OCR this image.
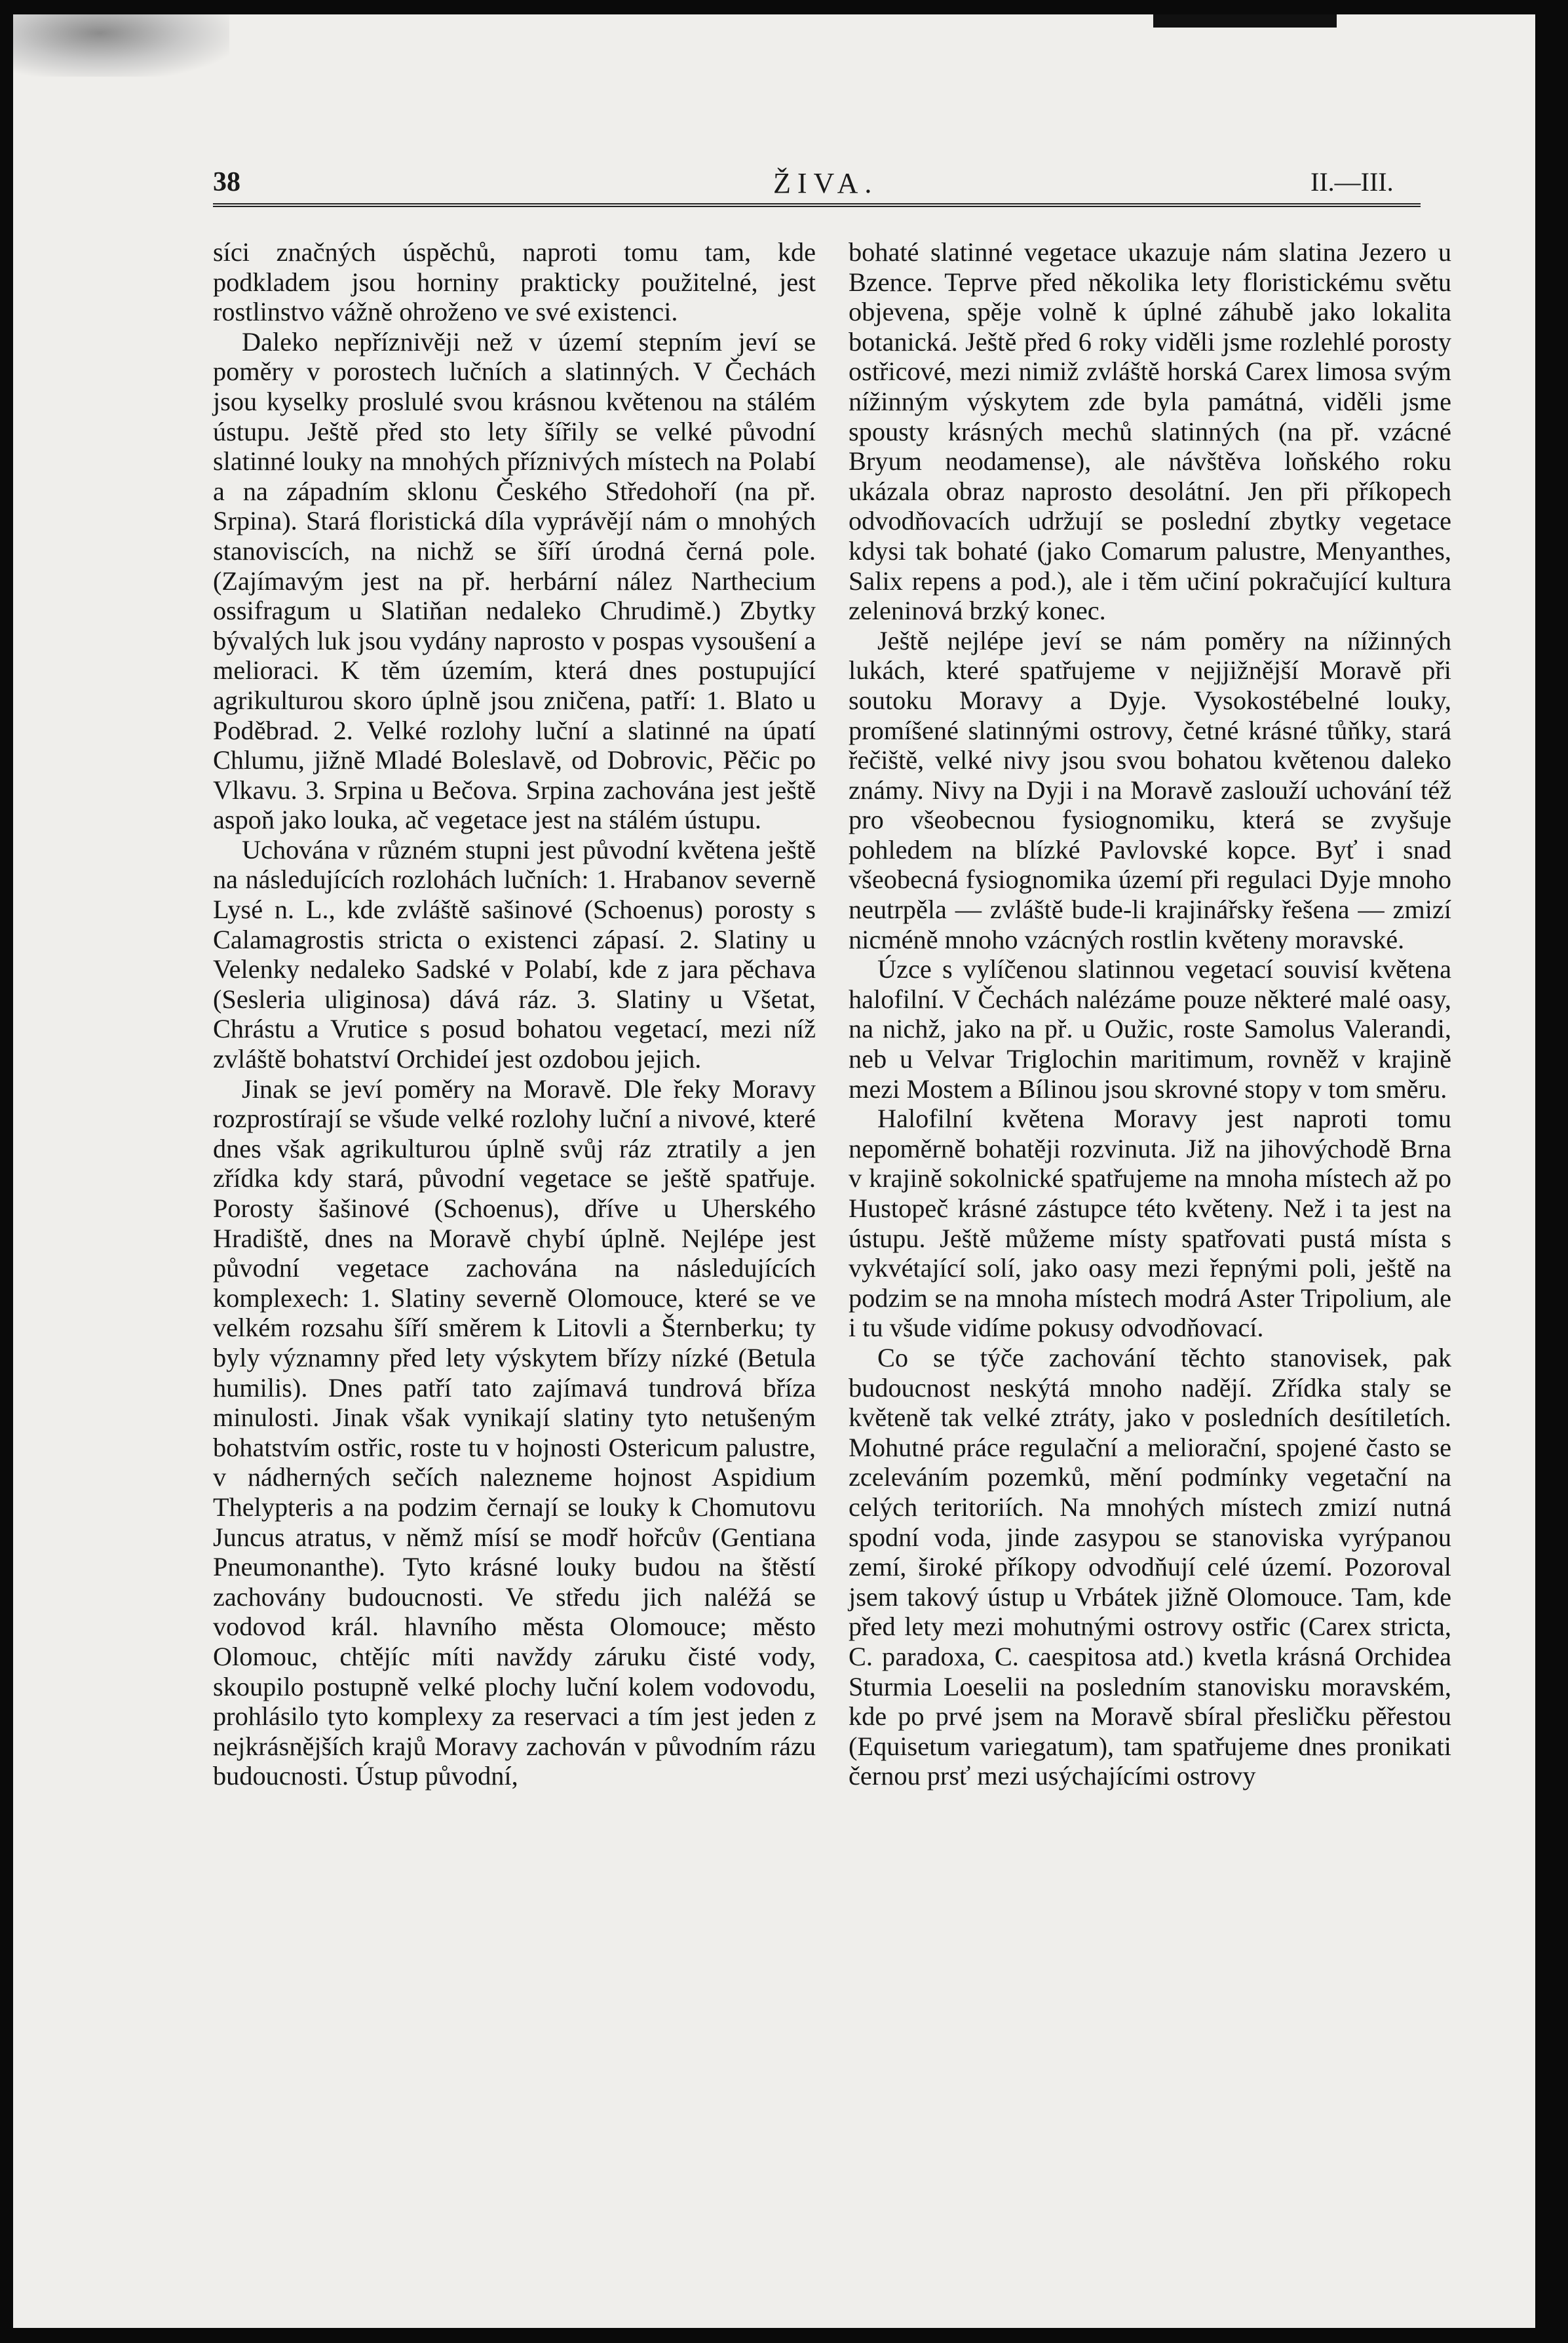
38	ŽIVA.	II.—III.

síci značných úspěchů, naproti tomu tam, kde podkladem jsou horniny prakticky použitelné, jest rostlinstvo vážně ohroženo ve své existenci.

Daleko nepříznivěji než v území stepním jeví se poměry v porostech lučních a slatinných. V Čechách jsou kyselky proslulé svou krásnou květenou na stálém ústupu. Ještě před sto lety šířily se velké původní slatinné louky na mnohých příznivých místech na Polabí a na západním sklonu Českého Středohoří (na př. Srpina). Stará floristická díla vyprávějí nám o mnohých stanoviscích, na nichž se šíří úrodná černá pole. (Zajímavým jest na př. herbární nález Narthecium ossifragum u Slatiňan nedaleko Chrudimě.) Zbytky bývalých luk jsou vydány naprosto v pospas vysoušení a melioraci. K těm územím, která dnes postupující agrikulturou skoro úplně jsou zničena, patří: 1. Blato u Poděbrad. 2. Velké rozlohy luční a slatinné na úpatí Chlumu, jižně Mladé Boleslavě, od Dobrovic, Pěčic po Vlkavu. 3. Srpina u Bečova. Srpina zachována jest ještě aspoň jako louka, ač vegetace jest na stálém ústupu.

Uchována v různém stupni jest původní květena ještě na následujících rozlohách lučních: 1. Hrabanov severně Lysé n. L., kde zvláště sašinové (Schoenus) porosty s Calamagrostis stricta o existenci zápasí. 2. Slatiny u Velenky nedaleko Sadské v Polabí, kde z jara pěchava (Sesleria uliginosa) dává ráz. 3. Slatiny u Všetat, Chrástu a Vrutice s posud bohatou vegetací, mezi níž zvláště bohatství Orchideí jest ozdobou jejich.

Jinak se jeví poměry na Moravě. Dle řeky Moravy rozprostírají se všude velké rozlohy luční a nivové, které dnes však agrikulturou úplně svůj ráz ztratily a jen zřídka kdy stará, původní vegetace se ještě spatřuje. Porosty šašinové (Schoenus), dříve u Uherského Hradiště, dnes na Moravě chybí úplně. Nejlépe jest původní vegetace zachována na následujících komplexech: 1. Slatiny severně Olomouce, které se ve velkém rozsahu šíří směrem k Litovli a Šternberku; ty byly významny před lety výskytem břízy nízké (Betula humilis). Dnes patří tato zajímavá tundrová bříza minulosti. Jinak však vynikají slatiny tyto netušeným bohatstvím ostřic, roste tu v hojnosti Ostericum palustre, v nádherných sečích nalezneme hojnost Aspidium Thelypteris a na podzim černají se louky k Chomutovu Juncus atratus, v němž mísí se modř hořcův (Gentiana Pneumonanthe). Tyto krásné louky budou na štěstí zachovány budoucnosti. Ve středu jich naléžá se vodovod král. hlavního města Olomouce; město Olomouc, chtějíc míti navždy záruku čisté vody, skoupilo postupně velké plochy luční kolem vodovodu, prohlásilo tyto komplexy za reservaci a tím jest jeden z nejkrásnějších krajů Moravy zachován v původním rázu budoucnosti. Ústup původní,

bohaté slatinné vegetace ukazuje nám slatina Jezero u Bzence. Teprve před několika lety floristickému světu objevena, spěje volně k úplné záhubě jako lokalita botanická. Ještě před 6 roky viděli jsme rozlehlé porosty ostřicové, mezi nimiž zvláště horská Carex limosa svým nížinným výskytem zde byla památná, viděli jsme spousty krásných mechů slatinných (na př. vzácné Bryum neodamense), ale návštěva loňského roku ukázala obraz naprosto desolátní. Jen při příkopech odvodňovacích udržují se poslední zbytky vegetace kdysi tak bohaté (jako Comarum palustre, Menyanthes, Salix repens a pod.), ale i těm učiní pokračující kultura zeleninová brzký konec.

Ještě nejlépe jeví se nám poměry na nížinných lukách, které spatřujeme v nejjižnější Moravě při soutoku Moravy a Dyje. Vysokostébelné louky, promíšené slatinnými ostrovy, četné krásné tůňky, stará řečiště, velké nivy jsou svou bohatou květenou daleko známy. Nivy na Dyji i na Moravě zaslouží uchování též pro všeobecnou fysiognomiku, která se zvyšuje pohledem na blízké Pavlovské kopce. Byť i snad všeobecná fysiognomika území při regulaci Dyje mnoho neutrpěla — zvláště bude-li krajinářsky řešena — zmizí nicméně mnoho vzácných rostlin květeny moravské.

Úzce s vylíčenou slatinnou vegetací souvisí květena halofilní. V Čechách nalézáme pouze některé malé oasy, na nichž, jako na př. u Oužic, roste Samolus Valerandi, neb u Velvar Triglochin maritimum, rovněž v krajině mezi Mostem a Bílinou jsou skrovné stopy v tom směru.

Halofilní květena Moravy jest naproti tomu nepoměrně bohatěji rozvinuta. Již na jihovýchodě Brna v krajině sokolnické spatřujeme na mnoha místech až po Hustopeč krásné zástupce této květeny. Než i ta jest na ústupu. Ještě můžeme místy spatřovati pustá místa s vykvétající solí, jako oasy mezi řepnými poli, ještě na podzim se na mnoha místech modrá Aster Tripolium, ale i tu všude vidíme pokusy odvodňovací.

Co se týče zachování těchto stanovisek, pak budoucnost neskýtá mnoho nadějí. Zřídka staly se květeně tak velké ztráty, jako v posledních desítiletích. Mohutné práce regulační a meliorační, spojené často se zceleváním pozemků, mění podmínky vegetační na celých teritoriích. Na mnohých místech zmizí nutná spodní voda, jinde zasypou se stanoviska vyrýpanou zemí, široké příkopy odvodňují celé území. Pozoroval jsem takový ústup u Vrbátek jižně Olomouce. Tam, kde před lety mezi mohutnými ostrovy ostřic (Carex stricta, C. paradoxa, C. caespitosa atd.) kvetla krásná Orchidea Sturmia Loeselii na posledním stanovisku moravském, kde po prvé jsem na Moravě sbíral přesličku pěřestou (Equisetum variegatum), tam spatřujeme dnes pronikati černou prsť mezi usýchajícími ostrovy
